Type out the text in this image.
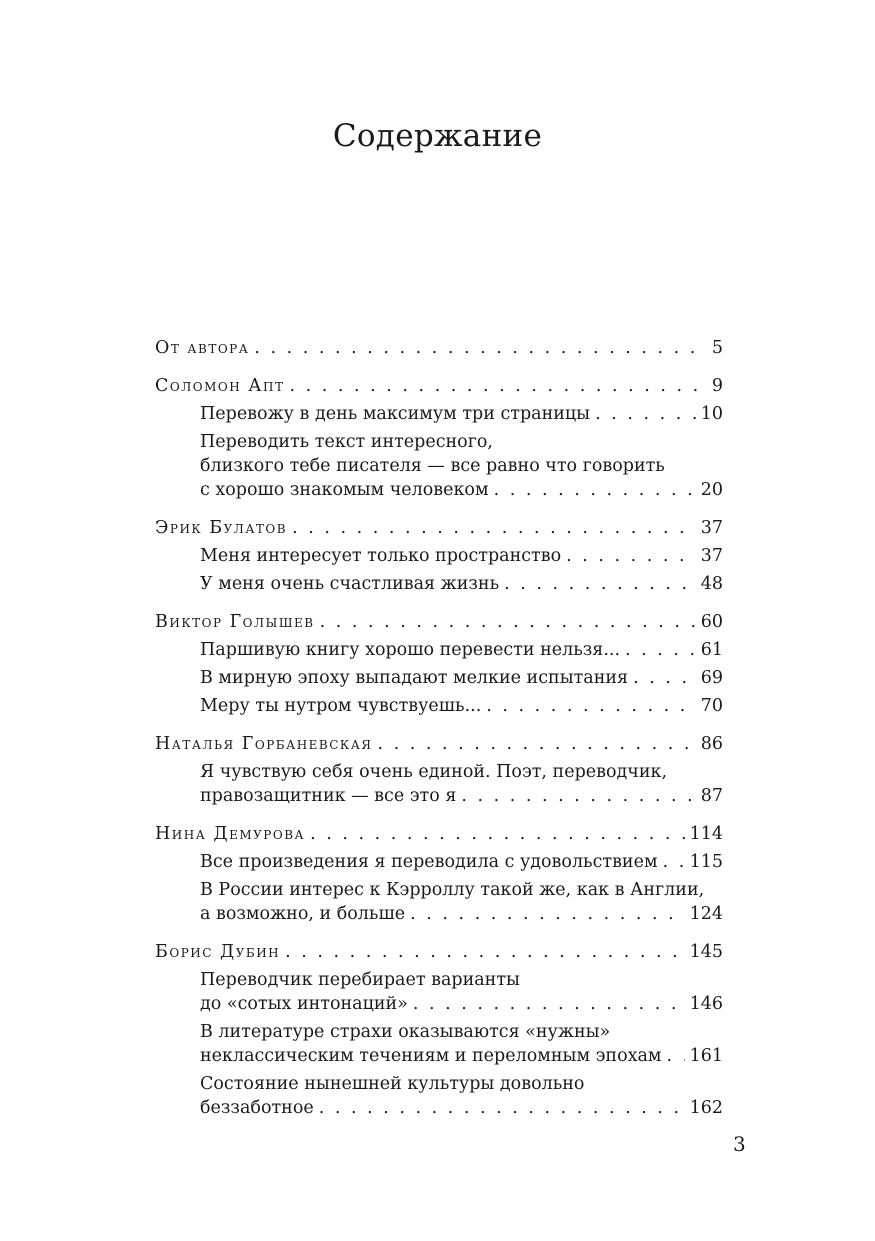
Содержание
От автора . . .	5
Соломон Апт . . .	9
Перевожу в день максимум три страницы . . .	10
Переводить текст интересного,
близкого тебе писателя — все равно что говорить
с хорошо знакомым человеком . . .	20
Эрик Булатов . . .	37
Меня интересует только пространство . . .	37
У меня очень счастливая жизнь . . .	48
Виктор Голышев . . .	60
Паршивую книгу хорошо перевести нельзя... . . .	61
В мирную эпоху выпадают мелкие испытания . . .	69
Меру ты нутром чувствуешь... . . .	70
Наталья Горбаневская . . .	86
Я чувствую себя очень единой. Поэт, переводчик,
правозащитник — все это я . . .	87
Нина Демурова . . .	114
Все произведения я переводила с удовольствием . . . 115
В России интерес к Кэрроллу такой же, как в Англии,
а возможно, и больше . . .	124
Борис Дубин . . .	145
Переводчик перебирает варианты
до «сотых интонаций» . . .	146
В литературе страхи оказываются «нужны»
неклассическим течениям и переломным эпохам . . . 161
Состояние нынешней культуры довольно
беззаботное . . .	162
3
